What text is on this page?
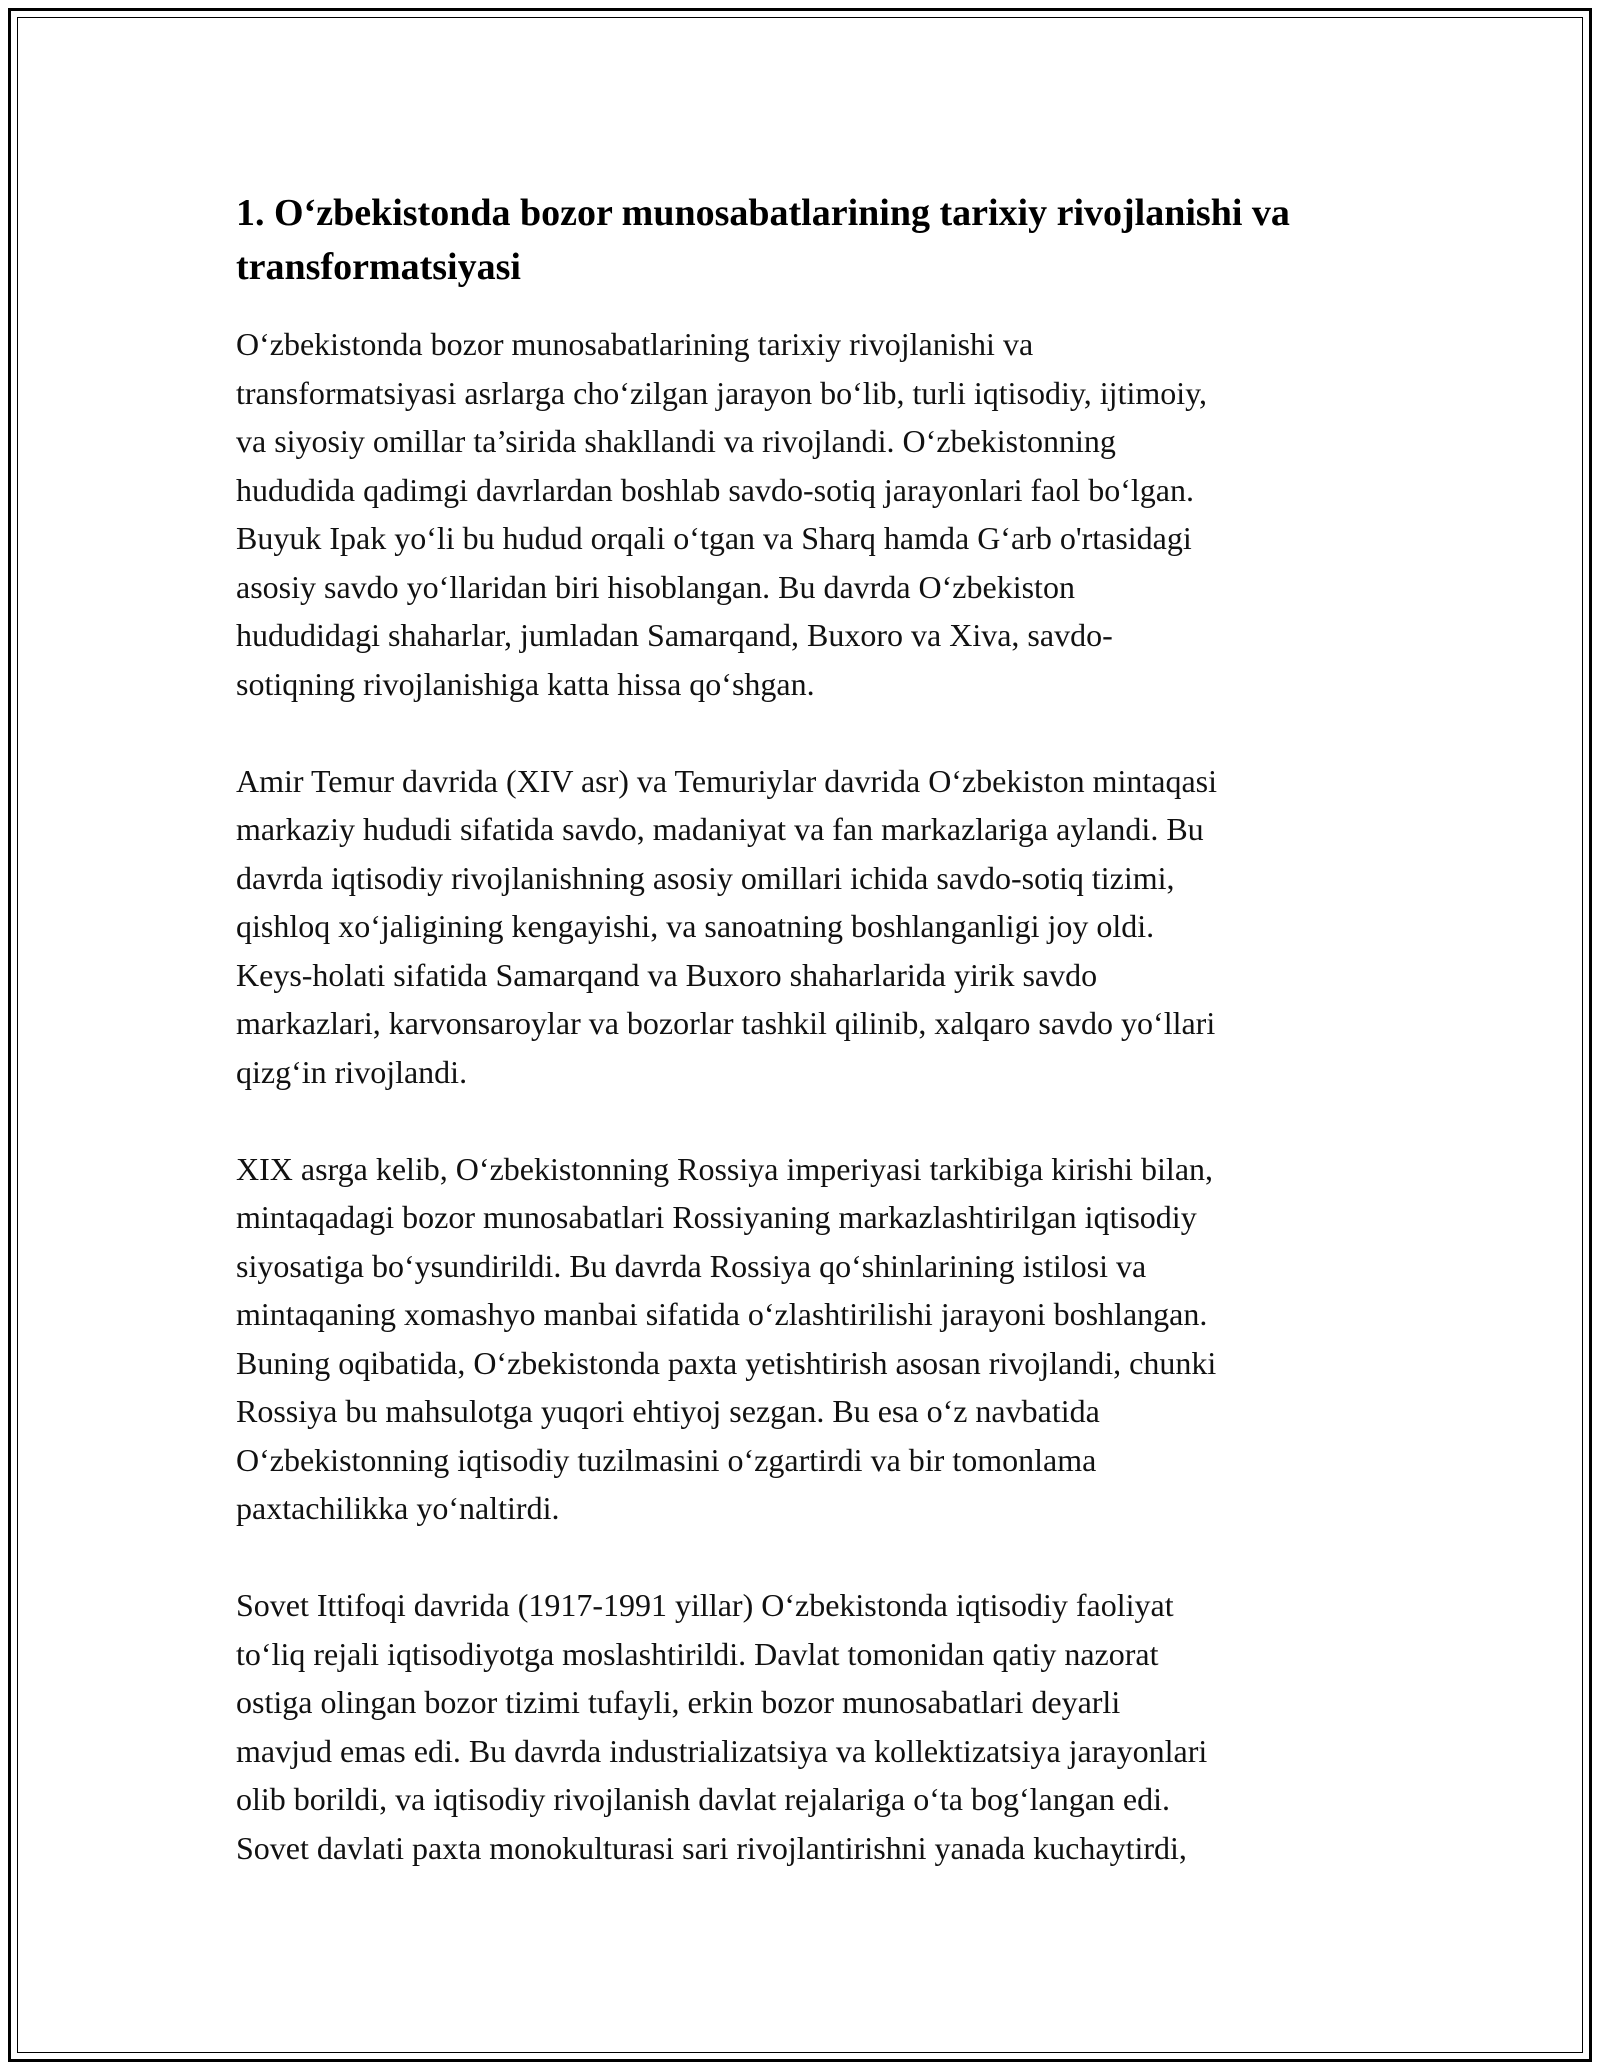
1. O‘zbekistonda bozor munosabatlarining tarixiy rivojlanishi va transformatsiyasi

O‘zbekistonda bozor munosabatlarining tarixiy rivojlanishi va
transformatsiyasi asrlarga cho‘zilgan jarayon bo‘lib, turli iqtisodiy, ijtimoiy,
va siyosiy omillar ta’sirida shakllandi va rivojlandi. O‘zbekistonning
hududida qadimgi davrlardan boshlab savdo-sotiq jarayonlari faol bo‘lgan.
Buyuk Ipak yo‘li bu hudud orqali o‘tgan va Sharq hamda G‘arb o'rtasidagi
asosiy savdo yo‘llaridan biri hisoblangan. Bu davrda O‘zbekiston
hududidagi shaharlar, jumladan Samarqand, Buxoro va Xiva, savdo-
sotiqning rivojlanishiga katta hissa qo‘shgan.

Amir Temur davrida (XIV asr) va Temuriylar davrida O‘zbekiston mintaqasi
markaziy hududi sifatida savdo, madaniyat va fan markazlariga aylandi. Bu
davrda iqtisodiy rivojlanishning asosiy omillari ichida savdo-sotiq tizimi,
qishloq xo‘jaligining kengayishi, va sanoatning boshlanganligi joy oldi.
Keys-holati sifatida Samarqand va Buxoro shaharlarida yirik savdo
markazlari, karvonsaroylar va bozorlar tashkil qilinib, xalqaro savdo yo‘llari
qizg‘in rivojlandi.

XIX asrga kelib, O‘zbekistonning Rossiya imperiyasi tarkibiga kirishi bilan,
mintaqadagi bozor munosabatlari Rossiyaning markazlashtirilgan iqtisodiy
siyosatiga bo‘ysundirildi. Bu davrda Rossiya qo‘shinlarining istilosi va
mintaqaning xomashyo manbai sifatida o‘zlashtirilishi jarayoni boshlangan.
Buning oqibatida, O‘zbekistonda paxta yetishtirish asosan rivojlandi, chunki
Rossiya bu mahsulotga yuqori ehtiyoj sezgan. Bu esa o‘z navbatida
O‘zbekistonning iqtisodiy tuzilmasini o‘zgartirdi va bir tomonlama
paxtachilikka yo‘naltirdi.

Sovet Ittifoqi davrida (1917-1991 yillar) O‘zbekistonda iqtisodiy faoliyat
to‘liq rejali iqtisodiyotga moslashtirildi. Davlat tomonidan qatiy nazorat
ostiga olingan bozor tizimi tufayli, erkin bozor munosabatlari deyarli
mavjud emas edi. Bu davrda industrializatsiya va kollektizatsiya jarayonlari
olib borildi, va iqtisodiy rivojlanish davlat rejalariga o‘ta bog‘langan edi.
Sovet davlati paxta monokulturasi sari rivojlantirishni yanada kuchaytirdi,
